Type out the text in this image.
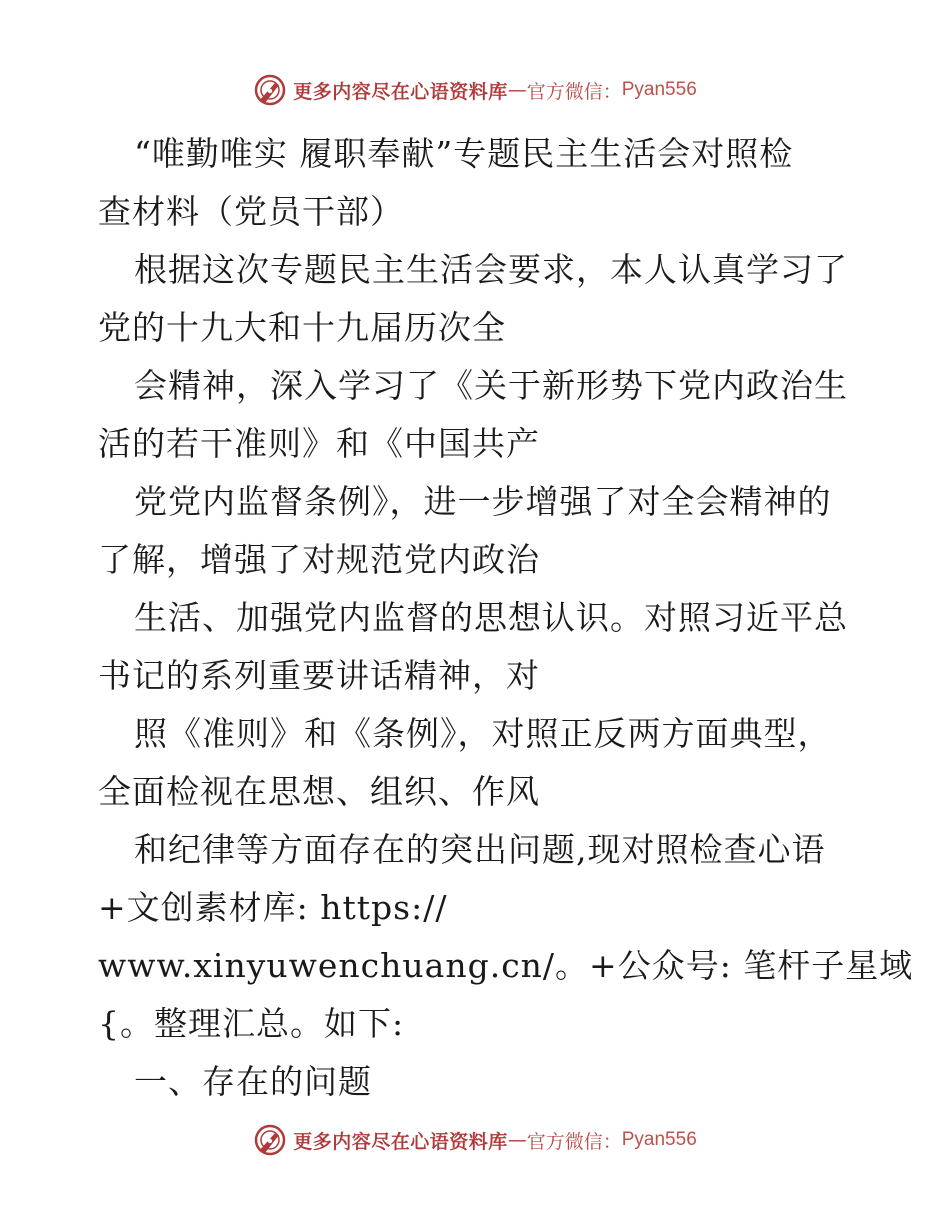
更多内容尽在心语资料库 — 官方微信： Pyan556
“唯勤唯实 履职奉献”专题民主生活会对照检
查材料（党员干部）
根据这次专题民主生活会要求，本人认真学习了
党的十九大和十九届历次全
会精神，深入学习了《关于新形势下党内政治生
活的若干准则》和《中国共产
党党内监督条例》，进一步增强了对全会精神的
了解，增强了对规范党内政治
生活、加强党内监督的思想认识。对照习近平总
书记的系列重要讲话精神，对
照《准则》和《条例》，对照正反两方面典型，
全面检视在思想、组织、作风
和纪律等方面存在的突出问题,现对照检查心语
+文创素材库: https://
www.xinyuwenchuang.cn/。+公众号: 笔杆子星域
{。整理汇总。如下:
一、存在的问题
更多内容尽在心语资料库 — 官方微信： Pyan556
